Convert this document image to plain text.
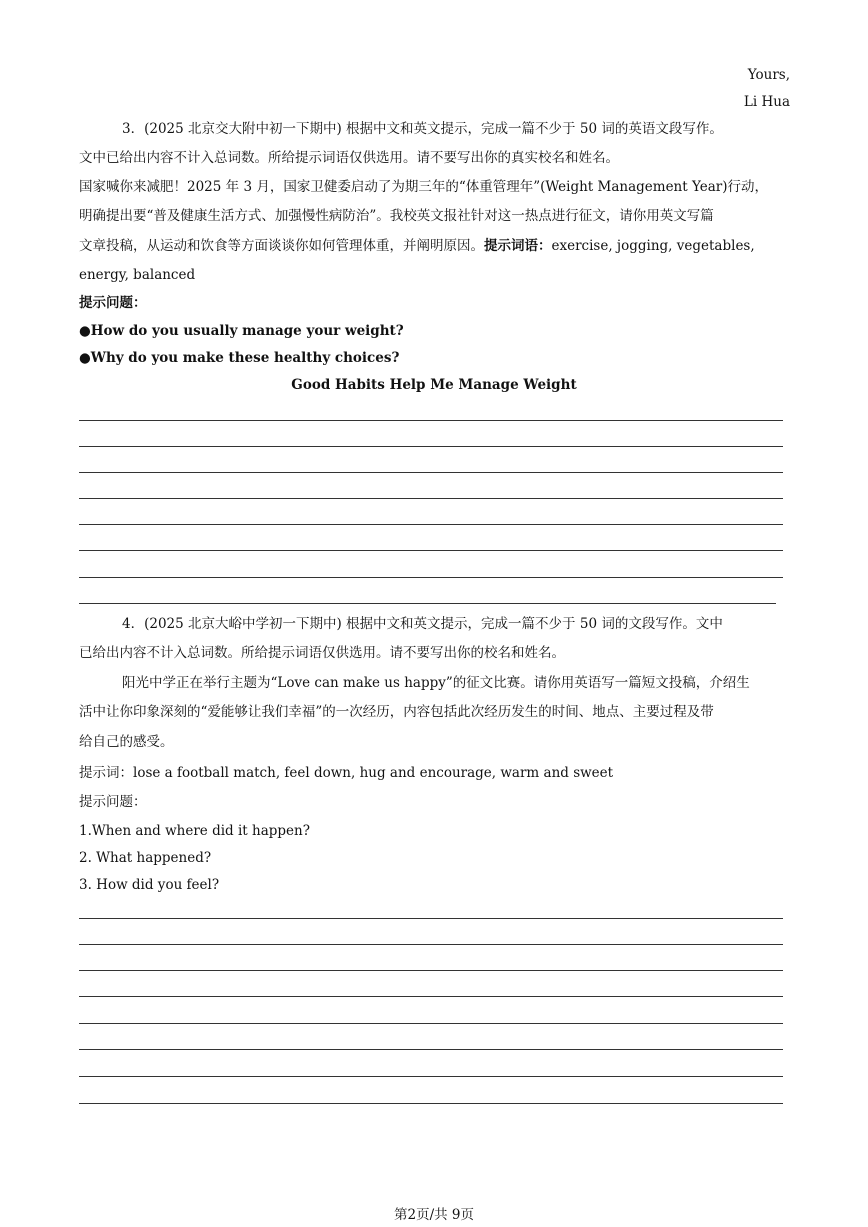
Yours,
Li Hua
3．(2025 北京交大附中初一下期中) 根据中文和英文提示，完成一篇不少于 50 词的英语文段写作。
文中已给出内容不计入总词数。所给提示词语仅供选用。请不要写出你的真实校名和姓名。
国家喊你来减肥！2025 年 3 月，国家卫健委启动了为期三年的“体重管理年”(Weight Management Year)行动，
明确提出要“普及健康生活方式、加强慢性病防治”。我校英文报社针对这一热点进行征文，请你用英文写篇
文章投稿，从运动和饮食等方面谈谈你如何管理体重，并阐明原因。提示词语：exercise, jogging, vegetables,
energy, balanced
提示问题：
●How do you usually manage your weight?
●Why do you make these healthy choices?
Good Habits Help Me Manage Weight
4．(2025 北京大峪中学初一下期中) 根据中文和英文提示，完成一篇不少于 50 词的文段写作。文中
已给出内容不计入总词数。所给提示词语仅供选用。请不要写出你的校名和姓名。
阳光中学正在举行主题为“Love can make us happy”的征文比赛。请你用英语写一篇短文投稿，介绍生
活中让你印象深刻的“爱能够让我们幸福”的一次经历，内容包括此次经历发生的时间、地点、主要过程及带
给自己的感受。
提示词：lose a football match, feel down, hug and encourage, warm and sweet
提示问题：
1.When and where did it happen?
2. What happened?
3. How did you feel?
第2页/共 9页
